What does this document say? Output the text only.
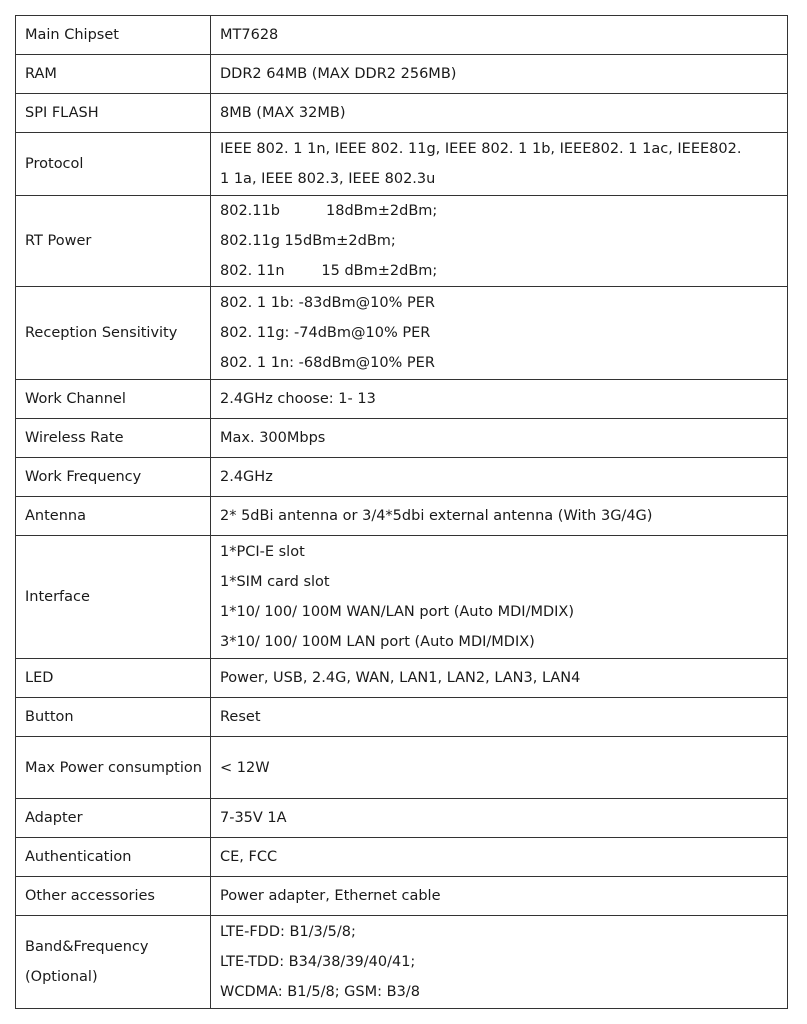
Main Chipset	MT7628

RAM	DDR2 64MB (MAX DDR2 256MB)

SPI FLASH	8MB (MAX 32MB)

Protocol	IEEE 802. 1 1n, IEEE 802. 11g, IEEE 802. 1 1b, IEEE802. 1 1ac, IEEE802.
1 1a, IEEE 802.3, IEEE 802.3u

RT Power	802.11b          18dBm±2dBm;
802.11g 15dBm±2dBm;
802. 11n        15 dBm±2dBm;

Reception Sensitivity	802. 1 1b: -83dBm@10% PER
802. 11g: -74dBm@10% PER
802. 1 1n: -68dBm@10% PER

Work Channel	2.4GHz choose: 1- 13

Wireless Rate	Max. 300Mbps

Work Frequency	2.4GHz

Antenna	2* 5dBi antenna or 3/4*5dbi external antenna (With 3G/4G)

Interface	1*PCI-E slot
1*SIM card slot
1*10/ 100/ 100M WAN/LAN port (Auto MDI/MDIX)
3*10/ 100/ 100M LAN port (Auto MDI/MDIX)

LED	Power, USB, 2.4G, WAN, LAN1, LAN2, LAN3, LAN4

Button	Reset

Max Power consumption	< 12W

Adapter	7-35V 1A

Authentication	CE, FCC

Other accessories	Power adapter, Ethernet cable

Band&Frequency (Optional)	LTE-FDD: B1/3/5/8;
LTE-TDD: B34/38/39/40/41;
WCDMA: B1/5/8; GSM: B3/8
